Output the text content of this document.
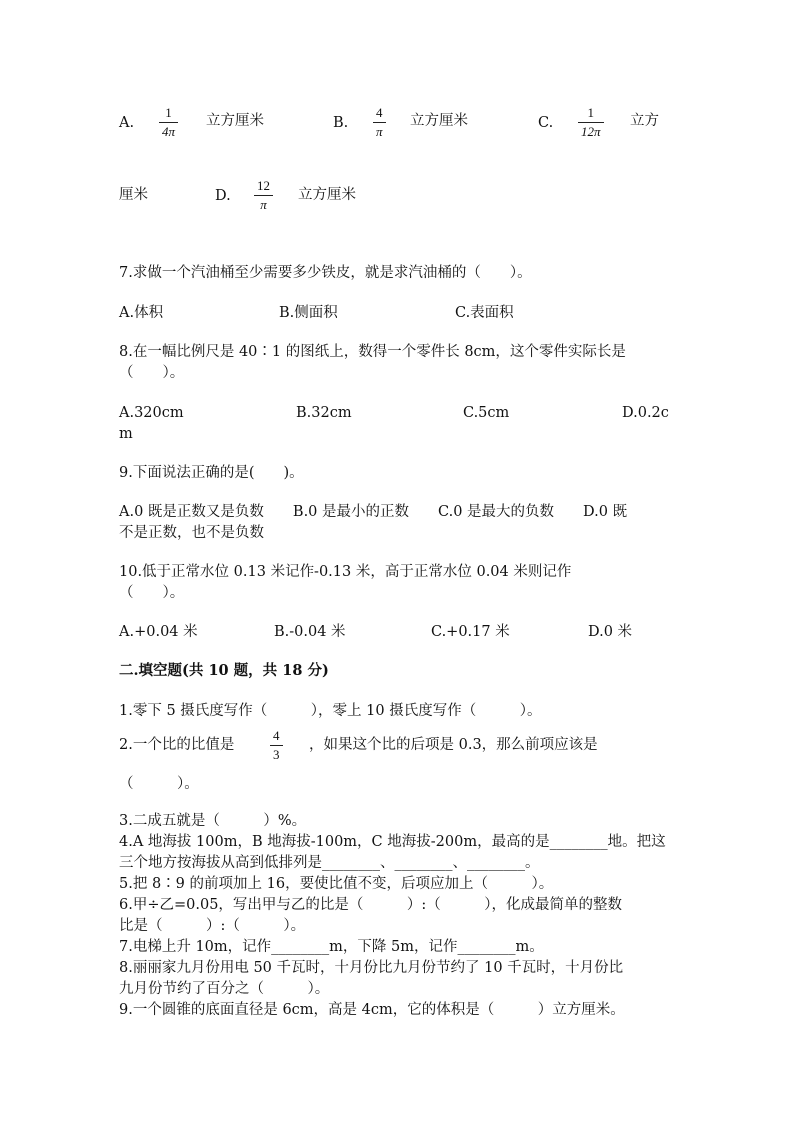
A.
1
4π
立方厘米	B.
4
π
立方厘米	C.
1
12π
立方
厘米	D.
12
π
立方厘米
7.求做一个汽油桶至少需要多少铁皮，就是求汽油桶的（　　）。
A.体积	B.侧面积	C.表面积
8.在一幅比例尺是 40∶1 的图纸上，数得一个零件长 8cm，这个零件实际长是
（　　）。
A.320cm	B.32cm	C.5cm	D.0.2c
m
9.下面说法正确的是(　　)。
A.0 既是正数又是负数　　B.0 是最小的正数　　C.0 是最大的负数　　D.0 既
不是正数，也不是负数
10.低于正常水位 0.13 米记作-0.13 米，高于正常水位 0.04 米则记作
（　　）。
A.+0.04 米	B.-0.04 米	C.+0.17 米	D.0 米
二.填空题(共 10 题，共 18 分)
1.零下 5 摄氏度写作（　　　），零上 10 摄氏度写作（　　　）。
2.一个比的比值是
4
3
，如果这个比的后项是 0.3，那么前项应该是
（　　　）。
3.二成五就是（　　　）%。
4.A 地海拔 100m，B 地海拔-100m，C 地海拔-200m，最高的是________地。把这
三个地方按海拔从高到低排列是________、________、________。
5.把 8∶9 的前项加上 16，要使比值不变，后项应加上（　　　）。
6.甲÷乙=0.05，写出甲与乙的比是（　　　）:（　　　），化成最简单的整数
比是（　　　）:（　　　）。
7.电梯上升 10m，记作________m，下降 5m，记作________m。
8.丽丽家九月份用电 50 千瓦时，十月份比九月份节约了 10 千瓦时，十月份比
九月份节约了百分之（　　　）。
9.一个圆锥的底面直径是 6cm，高是 4cm，它的体积是（　　　）立方厘米。
